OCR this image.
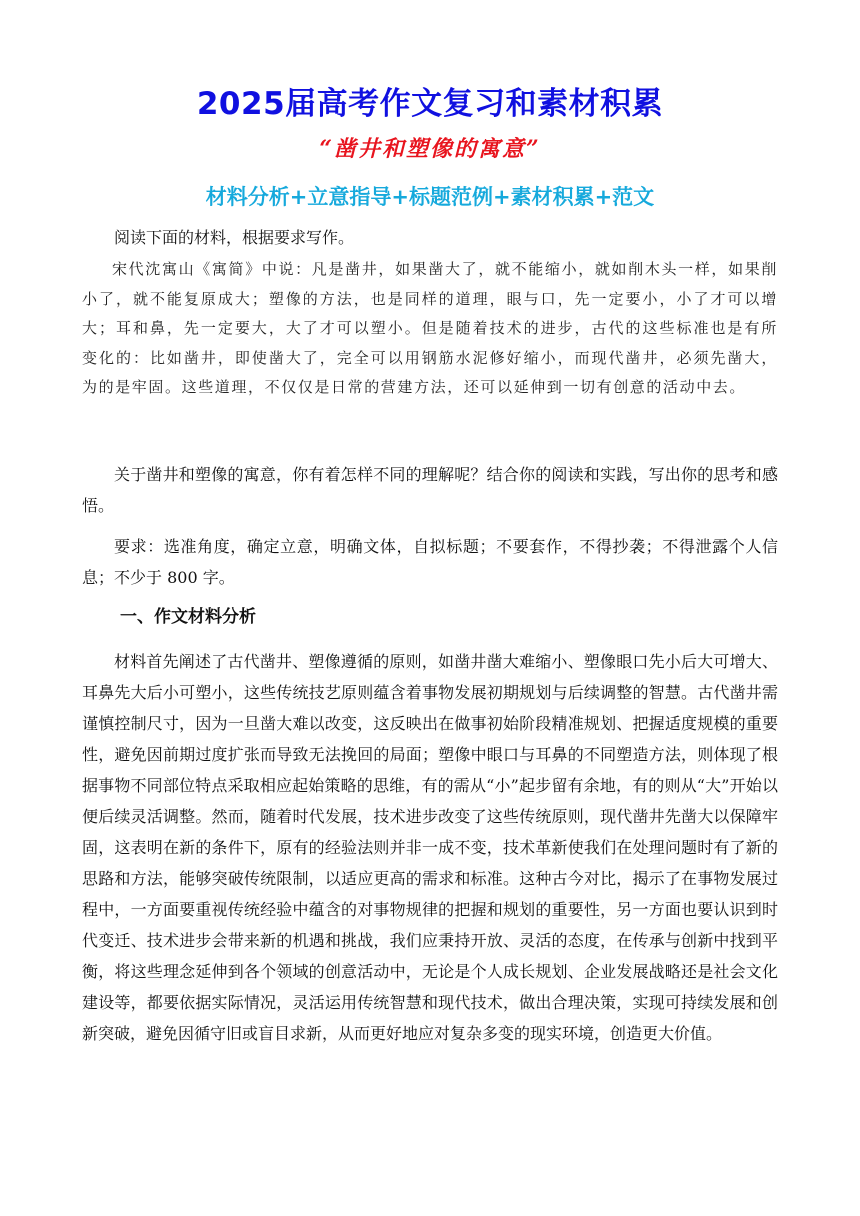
2025届高考作文复习和素材积累
“凿井和塑像的寓意”
材料分析+立意指导+标题范例+素材积累+范文

阅读下面的材料，根据要求写作。

宋代沈寓山《寓简》中说：凡是凿井，如果凿大了，就不能缩小，就如削木头一样，如果削小了，就不能复原成大；塑像的方法，也是同样的道理，眼与口，先一定要小，小了才可以增大；耳和鼻，先一定要大，大了才可以塑小。但是随着技术的进步，古代的这些标准也是有所变化的：比如凿井，即使凿大了，完全可以用钢筋水泥修好缩小，而现代凿井，必须先凿大，为的是牢固。这些道理，不仅仅是日常的营建方法，还可以延伸到一切有创意的活动中去。

关于凿井和塑像的寓意，你有着怎样不同的理解呢？结合你的阅读和实践，写出你的思考和感悟。

要求：选准角度，确定立意，明确文体，自拟标题；不要套作，不得抄袭；不得泄露个人信息；不少于 800 字。

一、作文材料分析

材料首先阐述了古代凿井、塑像遵循的原则，如凿井凿大难缩小、塑像眼口先小后大可增大、耳鼻先大后小可塑小，这些传统技艺原则蕴含着事物发展初期规划与后续调整的智慧。古代凿井需谨慎控制尺寸，因为一旦凿大难以改变，这反映出在做事初始阶段精准规划、把握适度规模的重要性，避免因前期过度扩张而导致无法挽回的局面；塑像中眼口与耳鼻的不同塑造方法，则体现了根据事物不同部位特点采取相应起始策略的思维，有的需从“小”起步留有余地，有的则从“大”开始以便后续灵活调整。然而，随着时代发展，技术进步改变了这些传统原则，现代凿井先凿大以保障牢固，这表明在新的条件下，原有的经验法则并非一成不变，技术革新使我们在处理问题时有了新的思路和方法，能够突破传统限制，以适应更高的需求和标准。这种古今对比，揭示了在事物发展过程中，一方面要重视传统经验中蕴含的对事物规律的把握和规划的重要性，另一方面也要认识到时代变迁、技术进步会带来新的机遇和挑战，我们应秉持开放、灵活的态度，在传承与创新中找到平衡，将这些理念延伸到各个领域的创意活动中，无论是个人成长规划、企业发展战略还是社会文化建设等，都要依据实际情况，灵活运用传统智慧和现代技术，做出合理决策，实现可持续发展和创新突破，避免因循守旧或盲目求新，从而更好地应对复杂多变的现实环境，创造更大价值。
